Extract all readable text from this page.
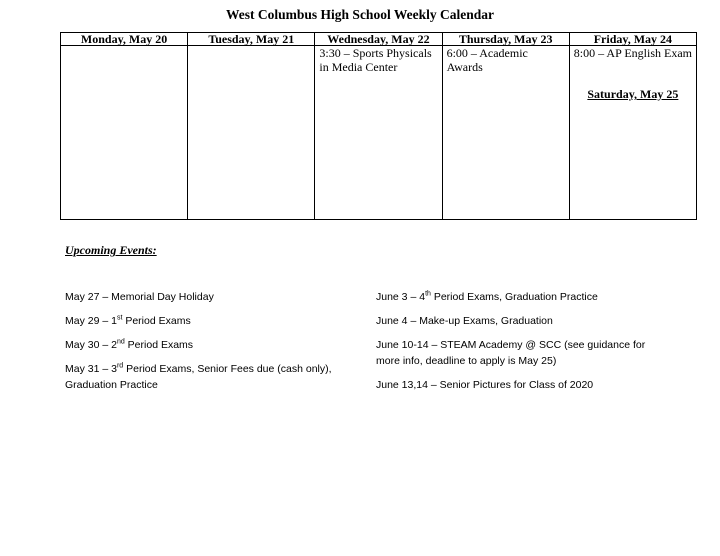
West Columbus High School Weekly Calendar
Monday, May 20	Tuesday, May 21	Wednesday, May 22	Thursday, May 23	Friday, May 24

		3:30 – Sports Physicals in Media Center	6:00 – Academic Awards	8:00 – AP English Exam
Saturday, May 25
Upcoming Events:
May 27 – Memorial Day Holiday
May 29 – 1st Period Exams
May 30 – 2nd Period Exams
May 31 – 3rd Period Exams, Senior Fees due (cash only), Graduation Practice
June 3 – 4th Period Exams, Graduation Practice
June 4 – Make-up Exams, Graduation
June 10-14 – STEAM Academy @ SCC (see guidance for more info, deadline to apply is May 25)
June 13,14 – Senior Pictures for Class of 2020
